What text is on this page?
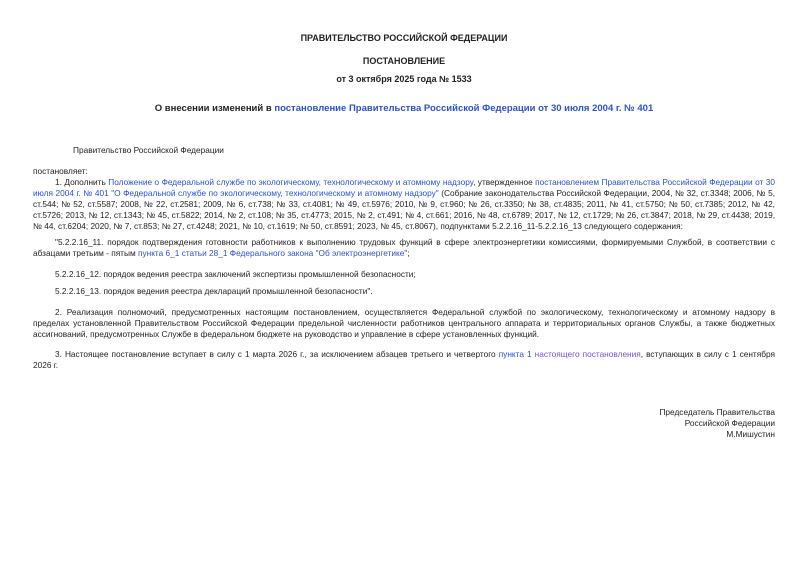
ПРАВИТЕЛЬСТВО РОССИЙСКОЙ ФЕДЕРАЦИИ
ПОСТАНОВЛЕНИЕ
от 3 октября 2025 года № 1533
О внесении изменений в постановление Правительства Российской Федерации от 30 июля 2004 г. № 401

Правительство Российской Федерации

постановляет:

1. Дополнить Положение о Федеральной службе по экологическому, технологическому и атомному надзору, утвержденное постановлением Правительства Российской Федерации от 30 июля 2004 г. № 401 "О Федеральной службе по экологическому, технологическому и атомному надзору" (Собрание законодательства Российской Федерации, 2004, № 32, ст.3348; 2006, № 5, ст.544; № 52, ст.5587; 2008, № 22, ст.2581; 2009, № 6, ст.738; № 33, ст.4081; № 49, ст.5976; 2010, № 9, ст.960; № 26, ст.3350; № 38, ст.4835; 2011, № 41, ст.5750; № 50, ст.7385; 2012, № 42, ст.5726; 2013, № 12, ст.1343; № 45, ст.5822; 2014, № 2, ст.108; № 35, ст.4773; 2015, № 2, ст.491; № 4, ст.661; 2016, № 48, ст.6789; 2017, № 12, ст.1729; № 26, ст.3847; 2018, № 29, ст.4438; 2019, № 44, ст.6204; 2020, № 7, ст.853; № 27, ст.4248; 2021, № 10, ст.1619; № 50, ст.8591; 2023, № 45, ст.8067), подпунктами 5.2.2.16_11-5.2.2.16_13 следующего содержания:

"5.2.2.16_11. порядок подтверждения готовности работников к выполнению трудовых функций в сфере электроэнергетики комиссиями, формируемыми Службой, в соответствии с абзацами третьим - пятым пункта 6_1 статьи 28_1 Федерального закона "Об электроэнергетике";

5.2.2.16_12. порядок ведения реестра заключений экспертизы промышленной безопасности;

5.2.2.16_13. порядок ведения реестра деклараций промышленной безопасности".

2. Реализация полномочий, предусмотренных настоящим постановлением, осуществляется Федеральной службой по экологическому, технологическому и атомному надзору в пределах установленной Правительством Российской Федерации предельной численности работников центрального аппарата и территориальных органов Службы, а также бюджетных ассигнований, предусмотренных Службе в федеральном бюджете на руководство и управление в сфере установленных функций.

3. Настоящее постановление вступает в силу с 1 марта 2026 г., за исключением абзацев третьего и четвертого пункта 1 настоящего постановления, вступающих в силу с 1 сентября 2026 г.

Председатель Правительства
Российской Федерации
М.Мишустин
